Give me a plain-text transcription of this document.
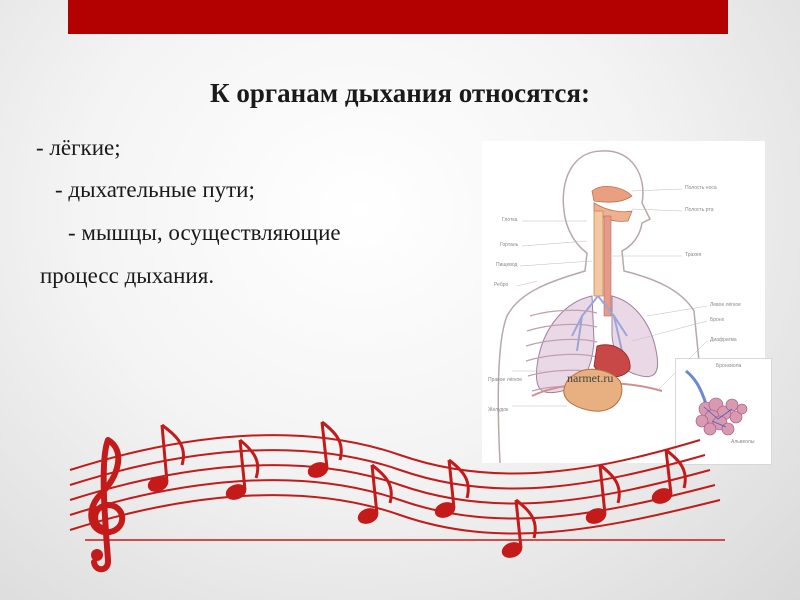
К органам дыхания относятся:
- лёгкие;
- дыхательные пути;
- мышцы, осуществляющие
процесс дыхания.
Полость носа
Полость рта
Глотка
Гортань
Пищевод
Трахея
Ребро
Левое лёгкое
Бронх
Диафрагма
Правое лёгкое
Желудок
Бронхиола
Альвеолы
narmet.ru
